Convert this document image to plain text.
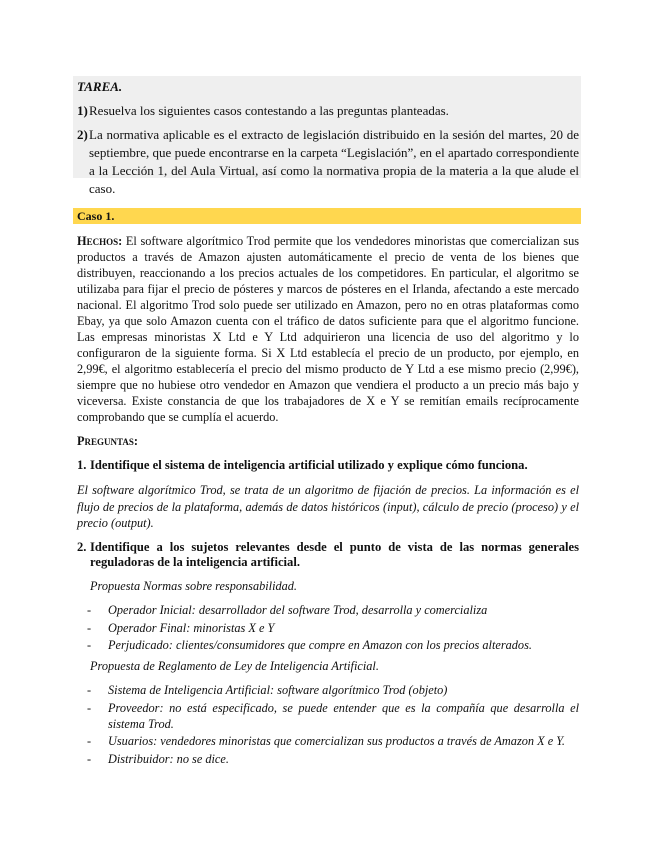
TAREA.
1) Resuelva los siguientes casos contestando a las preguntas planteadas.
2) La normativa aplicable es el extracto de legislación distribuido en la sesión del martes, 20 de septiembre, que puede encontrarse en la carpeta “Legislación”, en el apartado correspondiente a la Lección 1, del Aula Virtual, así como la normativa propia de la materia a la que alude el caso.
Caso 1.
Hechos: El software algorítmico Trod permite que los vendedores minoristas que comercializan sus productos a través de Amazon ajusten automáticamente el precio de venta de los bienes que distribuyen, reaccionando a los precios actuales de los competidores. En particular, el algoritmo se utilizaba para fijar el precio de pósteres y marcos de pósteres en el Irlanda, afectando a este mercado nacional. El algoritmo Trod solo puede ser utilizado en Amazon, pero no en otras plataformas como Ebay, ya que solo Amazon cuenta con el tráfico de datos suficiente para que el algoritmo funcione. Las empresas minoristas X Ltd e Y Ltd adquirieron una licencia de uso del algoritmo y lo configuraron de la siguiente forma. Si X Ltd establecía el precio de un producto, por ejemplo, en 2,99€, el algoritmo establecería el precio del mismo producto de Y Ltd a ese mismo precio (2,99€), siempre que no hubiese otro vendedor en Amazon que vendiera el producto a un precio más bajo y viceversa. Existe constancia de que los trabajadores de X e Y se remitían emails recíprocamente comprobando que se cumplía el acuerdo.
Preguntas:
1. Identifique el sistema de inteligencia artificial utilizado y explique cómo funciona.
El software algorítmico Trod, se trata de un algoritmo de fijación de precios. La información es el flujo de precios de la plataforma, además de datos históricos (input), cálculo de precio (proceso) y el precio (output).
2. Identifique a los sujetos relevantes desde el punto de vista de las normas generales reguladoras de la inteligencia artificial.
Propuesta Normas sobre responsabilidad.
- Operador Inicial: desarrollador del software Trod, desarrolla y comercializa
- Operador Final: minoristas X e Y
- Perjudicado: clientes/consumidores que compre en Amazon con los precios alterados.
Propuesta de Reglamento de Ley de Inteligencia Artificial.
- Sistema de Inteligencia Artificial: software algorítmico Trod (objeto)
- Proveedor: no está especificado, se puede entender que es la compañía que desarrolla el sistema Trod.
- Usuarios: vendedores minoristas que comercializan sus productos a través de Amazon X e Y.
- Distribuidor: no se dice.
